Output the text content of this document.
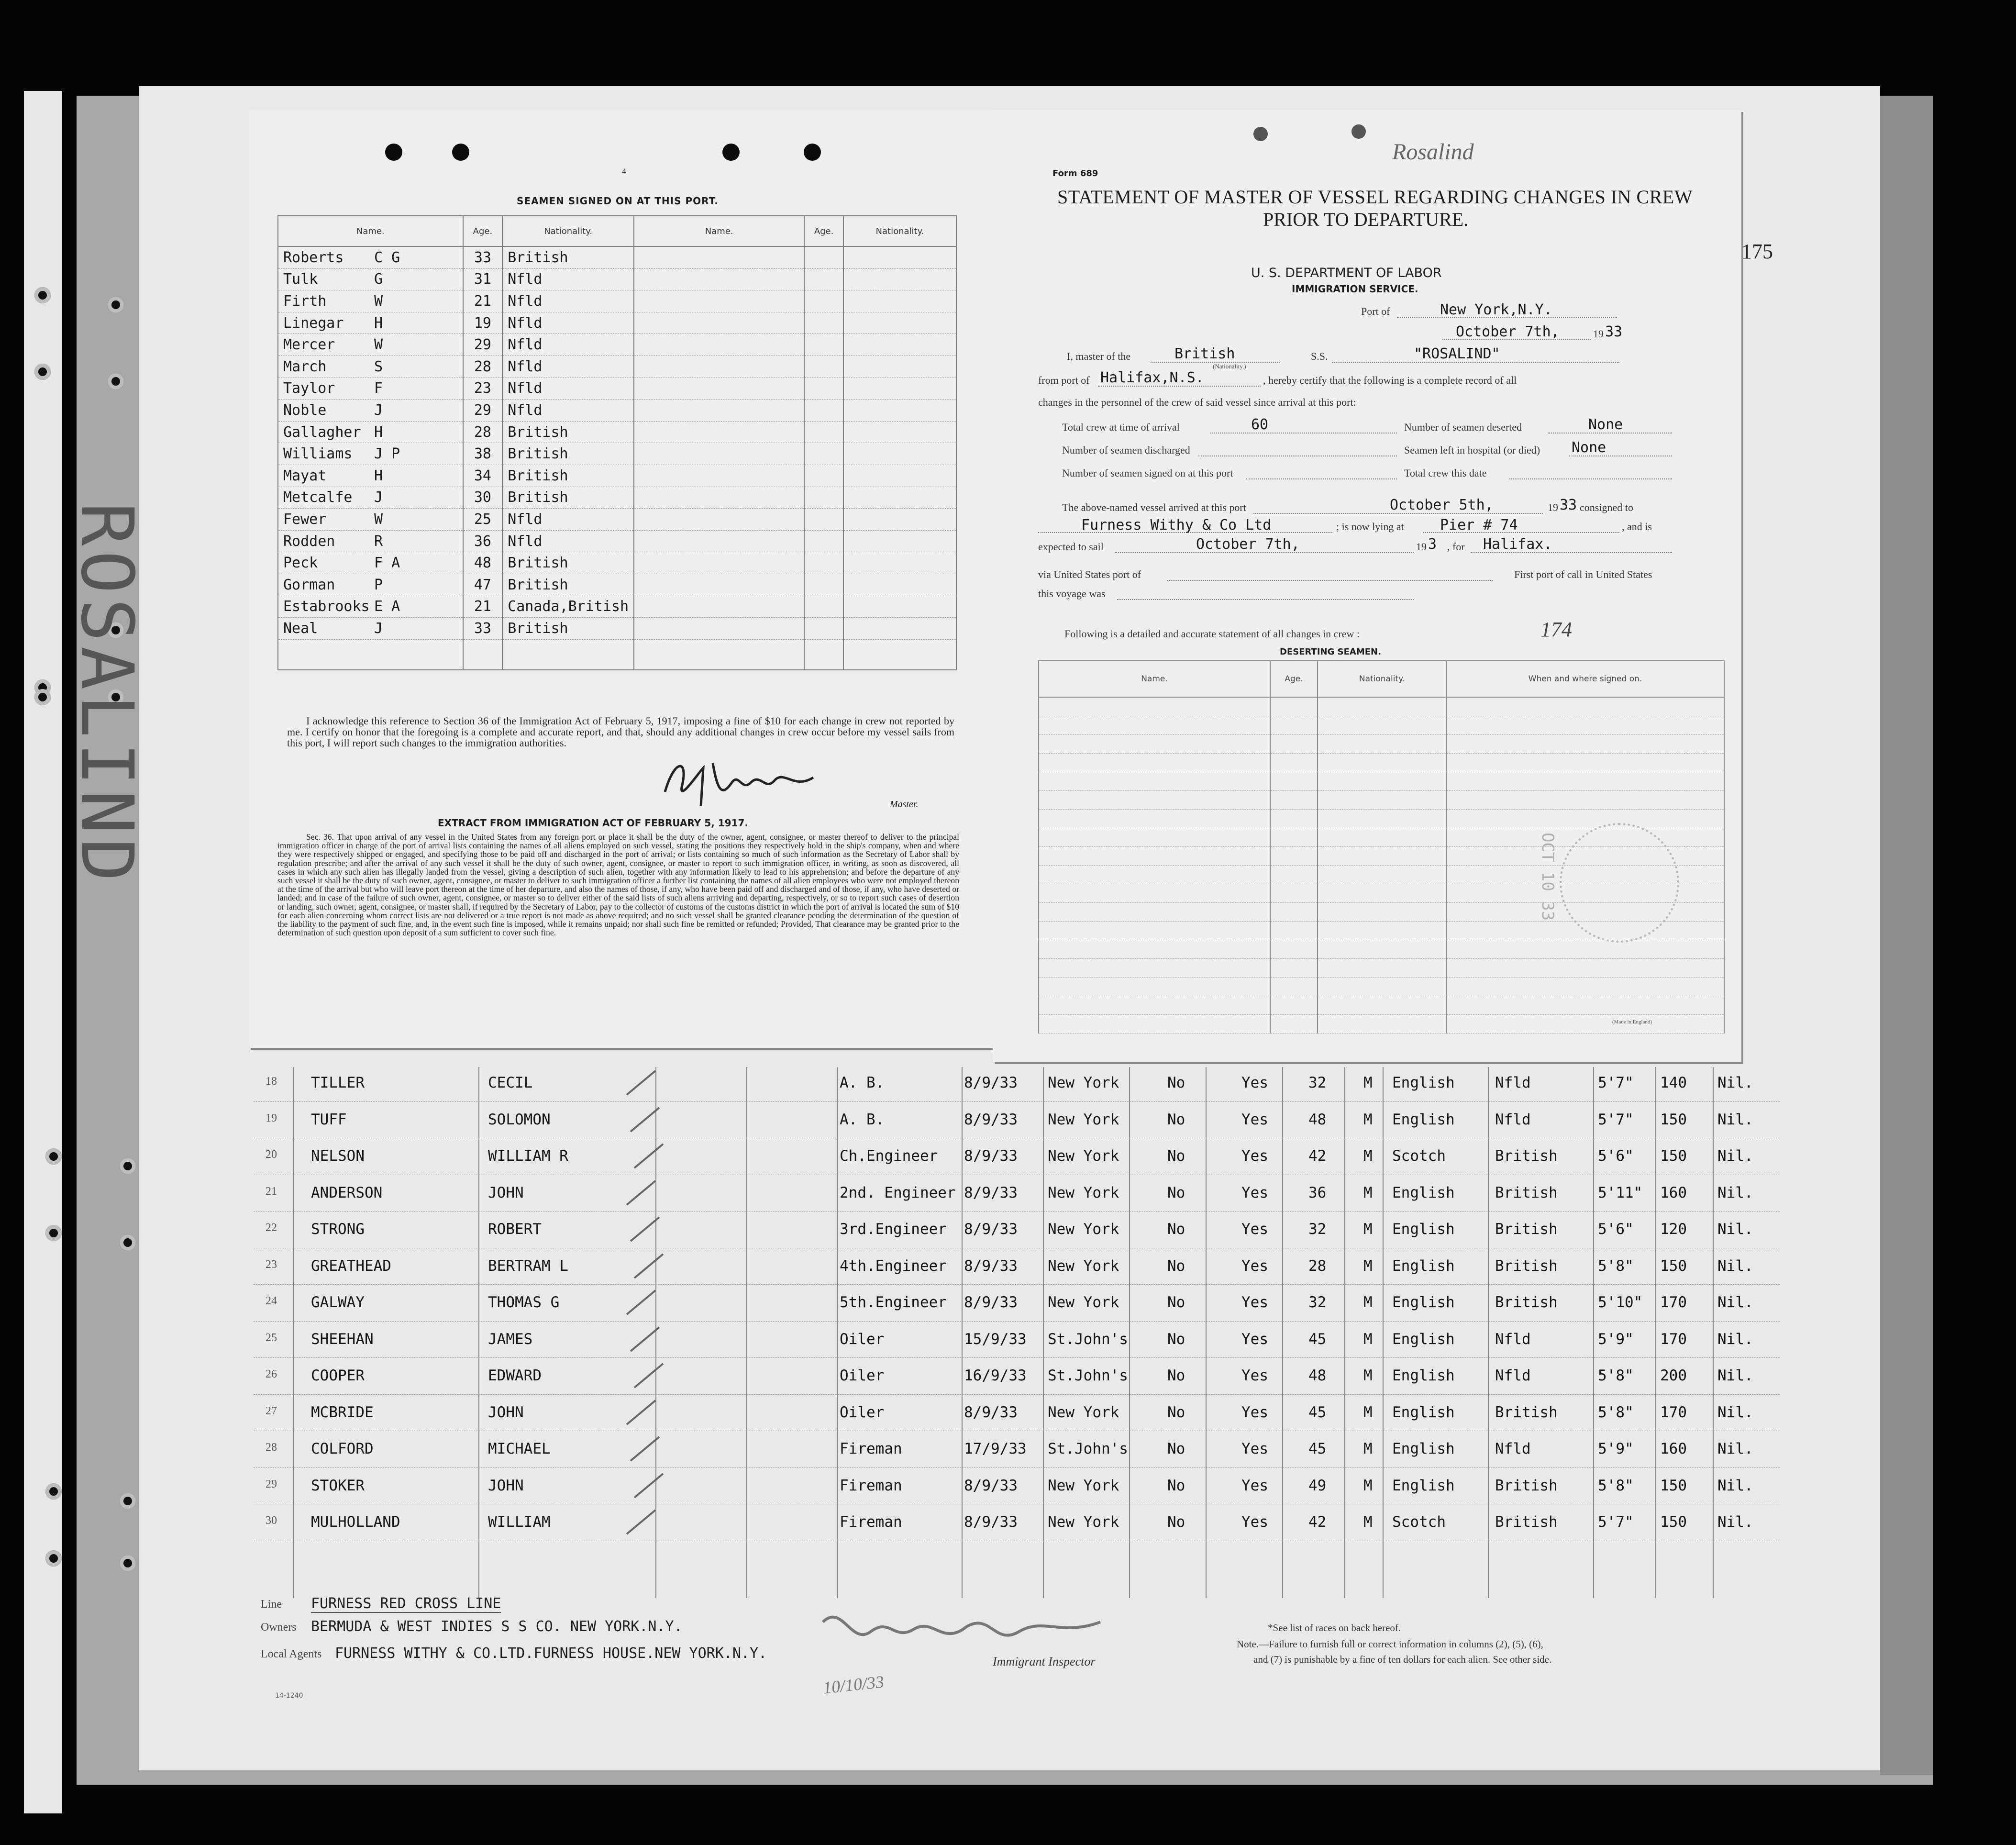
ROSALIND
18 TILLER	CECIL	A. B.	8/9/33 New York	No	Yes	32	M English	Nfld	5'7" 140 Nil.
19 TUFF	SOLOMON	A. B.	8/9/33 New York	No	Yes	48	M English	Nfld	5'7" 150 Nil.
20 NELSON	WILLIAM R	Ch.Engineer 8/9/33 New York	No	Yes	42	M Scotch	British	5'6" 150 Nil.
21 ANDERSON	JOHN	2nd. Engineer 8/9/33 New York	No	Yes	36	M English	British	5'11" 160 Nil.
22 STRONG	ROBERT	3rd.Engineer 8/9/33 New York	No	Yes	32	M English	British	5'6" 120 Nil.
23 GREATHEAD	BERTRAM L	4th.Engineer 8/9/33 New York	No	Yes	28	M English	British	5'8" 150 Nil.
24 GALWAY	THOMAS G	5th.Engineer 8/9/33 New York	No	Yes	32	M English	British	5'10" 170 Nil.
25 SHEEHAN	JAMES	Oiler	15/9/33 St.John's	No	Yes	45	M English	Nfld	5'9" 170 Nil.
26 COOPER	EDWARD	Oiler	16/9/33 St.John's	No	Yes	48	M English	Nfld	5'8" 200 Nil.
27 MCBRIDE	JOHN	Oiler	8/9/33 New York	No	Yes	45	M English	British	5'8" 170 Nil.
28 COLFORD	MICHAEL	Fireman	17/9/33 St.John's	No	Yes	45	M English	Nfld	5'9" 160 Nil.
29 STOKER	JOHN	Fireman	8/9/33 New York	No	Yes	49	M English	British	5'8" 150 Nil.
30 MULHOLLAND	WILLIAM	Fireman	8/9/33 New York	No	Yes	42	M Scotch	British	5'7" 150 Nil.
Line FURNESS RED CROSS LINE
Owners BERMUDA & WEST INDIES S S CO. NEW YORK.N.Y.
Local Agents FURNESS WITHY & CO.LTD.FURNESS HOUSE.NEW YORK.N.Y.	Immigrant Inspector
10/10/33
14-1240
*See list of races on back hereof.
Note.—Failure to furnish full or correct information in columns (2), (5), (6),
and (7) is punishable by a fine of ten dollars for each alien. See other side.
175
4
SEAMEN SIGNED ON AT THIS PORT.
Name.	Age.	Nationality.	Name.	Age.	Nationality.
Roberts C G	33	British			
Tulk G	31	Nfld			
Firth W	21	Nfld			
Linegar H	19	Nfld			
Mercer W	29	Nfld			
March S	28	Nfld			
Taylor F	23	Nfld			
Noble J	29	Nfld			
Gallagher H	28	British			
Williams J P	38	British			
Mayat H	34	British			
Metcalfe J	30	British			
Fewer W	25	Nfld			
Rodden R	36	Nfld			
Peck F A	48	British			
Gorman P	47	British			
Estabrooks E A	21	Canada,British			
Neal J	33	British			

I acknowledge this reference to Section 36 of the Immigration Act of February 5, 1917, imposing a fine of $10 for each change in crew not reported by me. I certify on honor that the foregoing is a complete and accurate report, and that, should any additional changes in crew occur before my vessel sails from this port, I will report such changes to the immigration authorities.
Master.
EXTRACT FROM IMMIGRATION ACT OF FEBRUARY 5, 1917.
Sec. 36. That upon arrival of any vessel in the United States from any foreign port or place it shall be the duty of the owner, agent, consignee, or master thereof to deliver to the principal immigration officer in charge of the port of arrival lists containing the names of all aliens employed on such vessel, stating the positions they respectively hold in the ship's company, when and where they were respectively shipped or engaged, and specifying those to be paid off and discharged in the port of arrival; or lists containing so much of such information as the Secretary of Labor shall by regulation prescribe; and after the arrival of any such vessel it shall be the duty of such owner, agent, consignee, or master to report to such immigration officer, in writing, as soon as discovered, all cases in which any such alien has illegally landed from the vessel, giving a description of such alien, together with any information likely to lead to his apprehension; and before the departure of any such vessel it shall be the duty of such owner, agent, consignee, or master to deliver to such immigration officer a further list containing the names of all alien employees who were not employed thereon at the time of the arrival but who will leave port thereon at the time of her departure, and also the names of those, if any, who have been paid off and discharged and of those, if any, who have deserted or landed; and in case of the failure of such owner, agent, consignee, or master so to deliver either of the said lists of such aliens arriving and departing, respectively, or so to report such cases of desertion or landing, such owner, agent, consignee, or master shall, if required by the Secretary of Labor, pay to the collector of customs of the customs district in which the port of arrival is located the sum of $10 for each alien concerning whom correct lists are not delivered or a true report is not made as above required; and no such vessel shall be granted clearance pending the determination of the question of the liability to the payment of such fine, and, in the event such fine is imposed, while it remains unpaid; nor shall such fine be remitted or refunded; Provided, That clearance may be granted prior to the determination of such question upon deposit of a sum sufficient to cover such fine.
Rosalind
Form 689
STATEMENT OF MASTER OF VESSEL REGARDING CHANGES IN CREW
PRIOR TO DEPARTURE.
U. S. DEPARTMENT OF LABOR
IMMIGRATION SERVICE.
Port of	New York,N.Y.
October 7th,	19 33
I, master of the	British
(Nationality.)
S.S.	"ROSALIND"
from port of Halifax,N.S.	, hereby certify that the following is a complete record of all
changes in the personnel of the crew of said vessel since arrival at this port:
Total crew at time of arrival	60	Number of seamen deserted	None
Number of seamen discharged	Seamen left in hospital (or died) None
Number of seamen signed on at this port	Total crew this date
The above-named vessel arrived at this port	October 5th,	19 33 consigned to
Furness Withy & Co Ltd	; is now lying at	Pier # 74	, and is
expected to sail	October 7th,	19 3 , for Halifax.
via United States port of	First port of call in United States
this voyage was
Following is a detailed and accurate statement of all changes in crew :	174
DESERTING SEAMEN.
Name.	Age.	Nationality.	When and where signed on.

OCT 10 33
(Made in England)
